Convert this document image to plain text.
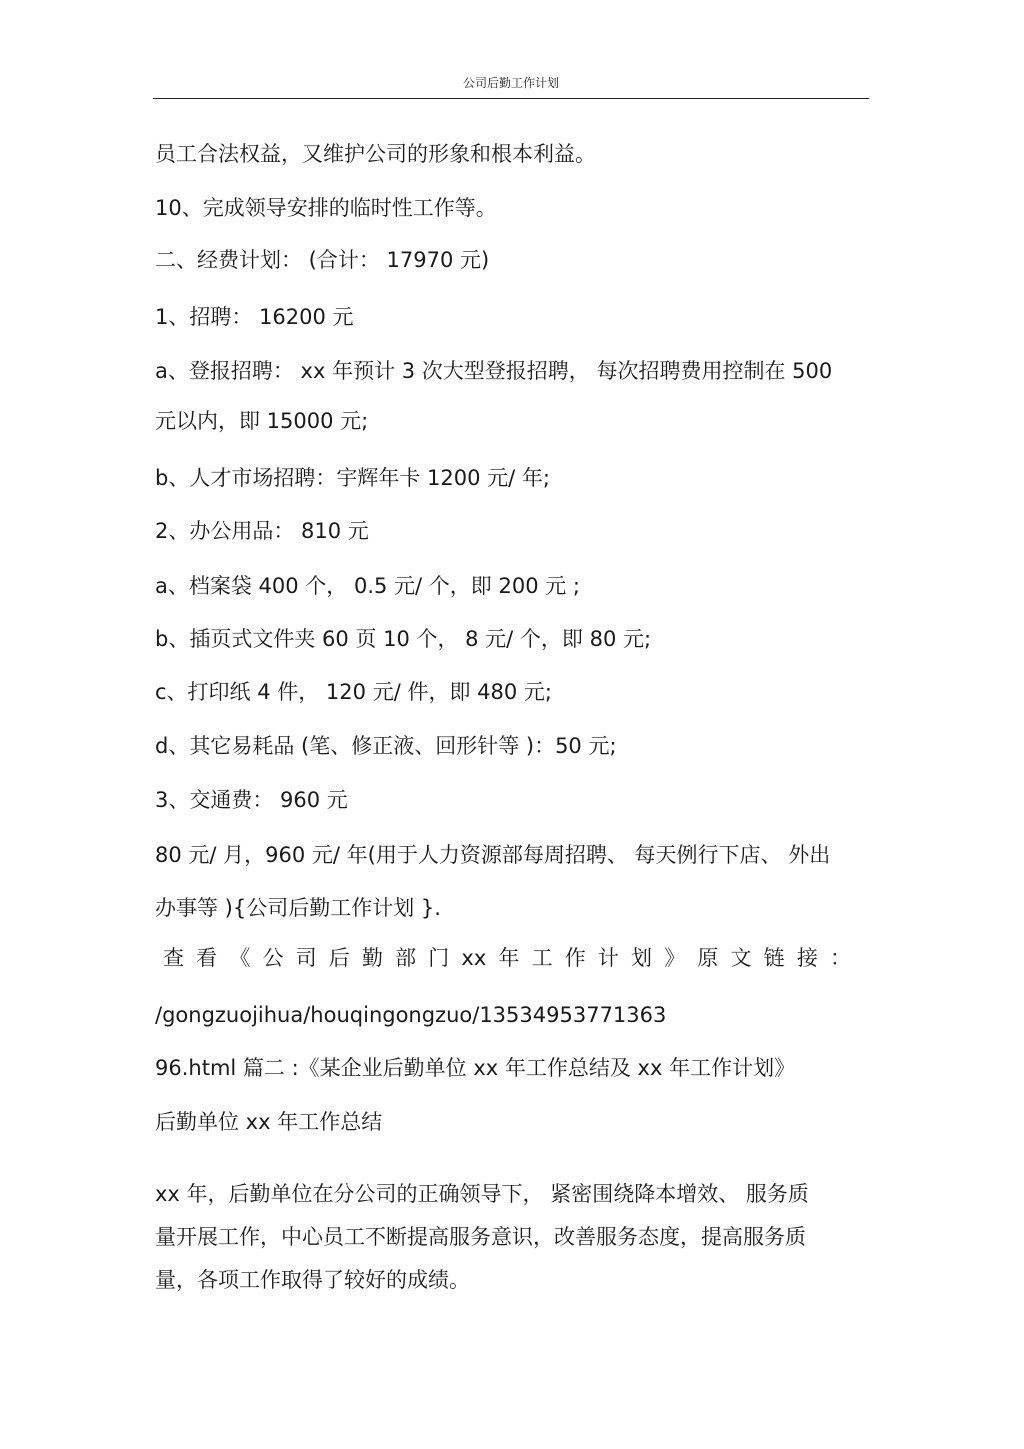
公司后勤工作计划
员工合法权益，又维护公司的形象和根本利益。
10、完成领导安排的临时性工作等。
二、经费计划： (合计： 17970 元)
1、招聘： 16200 元
a、登报招聘： xx 年预计 3 次大型登报招聘， 每次招聘费用控制在 500
元以内，即 15000 元;
b、人才市场招聘：宇辉年卡 1200 元/ 年;
2、办公用品： 810 元
a、档案袋 400 个， 0.5 元/ 个，即 200 元 ;
b、插页式文件夹 60 页 10 个， 8 元/ 个，即 80 元;
c、打印纸 4 件， 120 元/ 件，即 480 元;
d、其它易耗品 (笔、修正液、回形针等 )：50 元;
3、交通费： 960 元
80 元/ 月，960 元/ 年(用于人力资源部每周招聘、 每天例行下店、 外出
办事等 ){公司后勤工作计划 }.
查 看 《 公 司 后 勤 部 门 xx 年 工 作 计 划 》 原 文 链 接 ：
/gongzuojihua/houqingongzuo/13534953771363
96.html 篇二 :《某企业后勤单位 xx 年工作总结及 xx 年工作计划》
后勤单位 xx 年工作总结
xx 年，后勤单位在分公司的正确领导下， 紧密围绕降本增效、 服务质
量开展工作，中心员工不断提高服务意识，改善服务态度，提高服务质
量，各项工作取得了较好的成绩。
